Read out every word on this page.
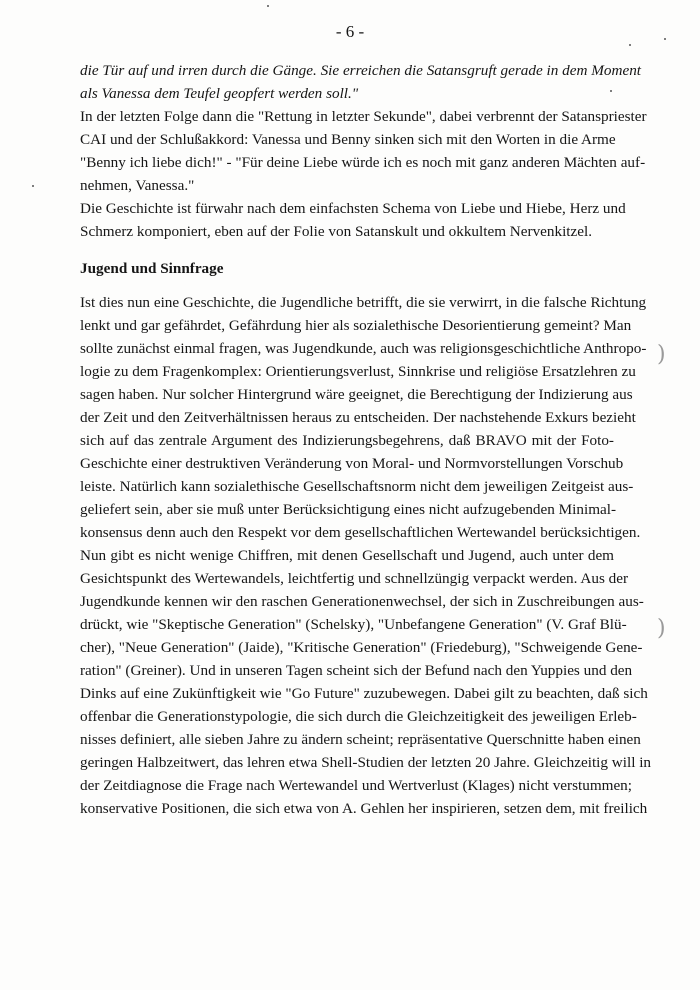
- 6 -
)
)
die Tür auf und irren durch die Gänge. Sie erreichen die Satansgruft gerade in dem Moment
als Vanessa dem Teufel geopfert werden soll."
In der letzten Folge dann die "Rettung in letzter Sekunde", dabei verbrennt der Satanspriester
CAI und der Schlußakkord: Vanessa und Benny sinken sich mit den Worten in die Arme
"Benny ich liebe dich!" - "Für deine Liebe würde ich es noch mit ganz anderen Mächten auf-
nehmen, Vanessa."
Die Geschichte ist fürwahr nach dem einfachsten Schema von Liebe und Hiebe, Herz und
Schmerz komponiert, eben auf der Folie von Satanskult und okkultem Nervenkitzel.
Jugend und Sinnfrage
Ist dies nun eine Geschichte, die Jugendliche betrifft, die sie verwirrt, in die falsche Richtung
lenkt und gar gefährdet, Gefährdung hier als sozialethische Desorientierung gemeint? Man
sollte zunächst einmal fragen, was Jugendkunde, auch was religionsgeschichtliche Anthropo-
logie zu dem Fragenkomplex: Orientierungsverlust, Sinnkrise und religiöse Ersatzlehren zu
sagen haben. Nur solcher Hintergrund wäre geeignet, die Berechtigung der Indizierung aus
der Zeit und den Zeitverhältnissen heraus zu entscheiden. Der nachstehende Exkurs bezieht
sich auf das zentrale Argument des Indizierungsbegehrens, daß BRAVO mit der Foto-
Geschichte einer destruktiven Veränderung von Moral- und Normvorstellungen Vorschub
leiste. Natürlich kann sozialethische Gesellschaftsnorm nicht dem jeweiligen Zeitgeist aus-
geliefert sein, aber sie muß unter Berücksichtigung eines nicht aufzugebenden Minimal-
konsensus denn auch den Respekt vor dem gesellschaftlichen Wertewandel berücksichtigen.
Nun gibt es nicht wenige Chiffren, mit denen Gesellschaft und Jugend, auch unter dem
Gesichtspunkt des Wertewandels, leichtfertig und schnellzüngig verpackt werden. Aus der
Jugendkunde kennen wir den raschen Generationenwechsel, der sich in Zuschreibungen aus-
drückt, wie "Skeptische Generation" (Schelsky), "Unbefangene Generation" (V. Graf Blü-
cher), "Neue Generation" (Jaide), "Kritische Generation" (Friedeburg), "Schweigende Gene-
ration" (Greiner). Und in unseren Tagen scheint sich der Befund nach den Yuppies und den
Dinks auf eine Zukünftigkeit wie "Go Future" zuzubewegen. Dabei gilt zu beachten, daß sich
offenbar die Generationstypologie, die sich durch die Gleichzeitigkeit des jeweiligen Erleb-
nisses definiert, alle sieben Jahre zu ändern scheint; repräsentative Querschnitte haben einen
geringen Halbzeitwert, das lehren etwa Shell-Studien der letzten 20 Jahre. Gleichzeitig will in
der Zeitdiagnose die Frage nach Wertewandel und Wertverlust (Klages) nicht verstummen;
konservative Positionen, die sich etwa von A. Gehlen her inspirieren, setzen dem, mit freilich
